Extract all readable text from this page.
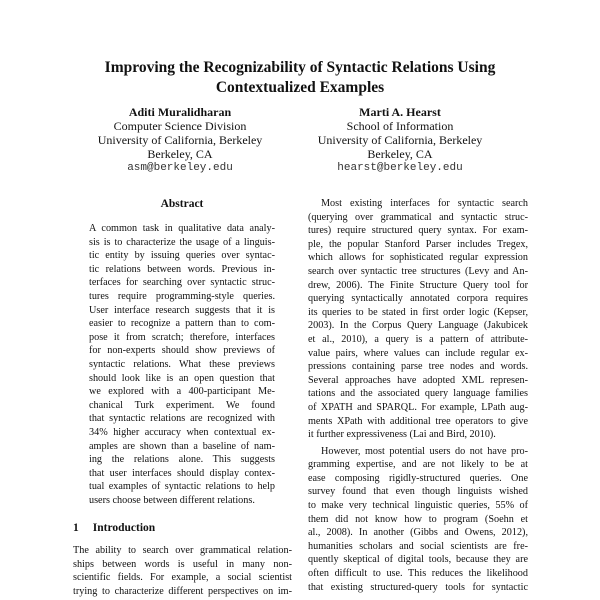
Improving the Recognizability of Syntactic Relations Using
Contextualized Examples
Aditi Muralidharan
Computer Science Division
University of California, Berkeley
Berkeley, CA
asm@berkeley.edu
Marti A. Hearst
School of Information
University of California, Berkeley
Berkeley, CA
hearst@berkeley.edu
Abstract
A common task in qualitative data analy-
sis is to characterize the usage of a linguis-
tic entity by issuing queries over syntac-
tic relations between words. Previous in-
terfaces for searching over syntactic struc-
tures require programming-style queries.
User interface research suggests that it is
easier to recognize a pattern than to com-
pose it from scratch; therefore, interfaces
for non-experts should show previews of
syntactic relations. What these previews
should look like is an open question that
we explored with a 400-participant Me-
chanical Turk experiment. We found
that syntactic relations are recognized with
34% higher accuracy when contextual ex-
amples are shown than a baseline of nam-
ing the relations alone. This suggests
that user interfaces should display contex-
tual examples of syntactic relations to help
users choose between different relations.
1 Introduction
The ability to search over grammatical relation-
ships between words is useful in many non-
scientific fields. For example, a social scientist
trying to characterize different perspectives on im-
Most existing interfaces for syntactic search
(querying over grammatical and syntactic struc-
tures) require structured query syntax. For exam-
ple, the popular Stanford Parser includes Tregex,
which allows for sophisticated regular expression
search over syntactic tree structures (Levy and An-
drew, 2006). The Finite Structure Query tool for
querying syntactically annotated corpora requires
its queries to be stated in first order logic (Kepser,
2003). In the Corpus Query Language (Jakubicek
et al., 2010), a query is a pattern of attribute-
value pairs, where values can include regular ex-
pressions containing parse tree nodes and words.
Several approaches have adopted XML represen-
tations and the associated query language families
of XPATH and SPARQL. For example, LPath aug-
ments XPath with additional tree operators to give
it further expressiveness (Lai and Bird, 2010).
However, most potential users do not have pro-
gramming expertise, and are not likely to be at
ease composing rigidly-structured queries. One
survey found that even though linguists wished
to make very technical linguistic queries, 55% of
them did not know how to program (Soehn et
al., 2008). In another (Gibbs and Owens, 2012),
humanities scholars and social scientists are fre-
quently skeptical of digital tools, because they are
often difficult to use. This reduces the likelihood
that existing structured-query tools for syntactic
